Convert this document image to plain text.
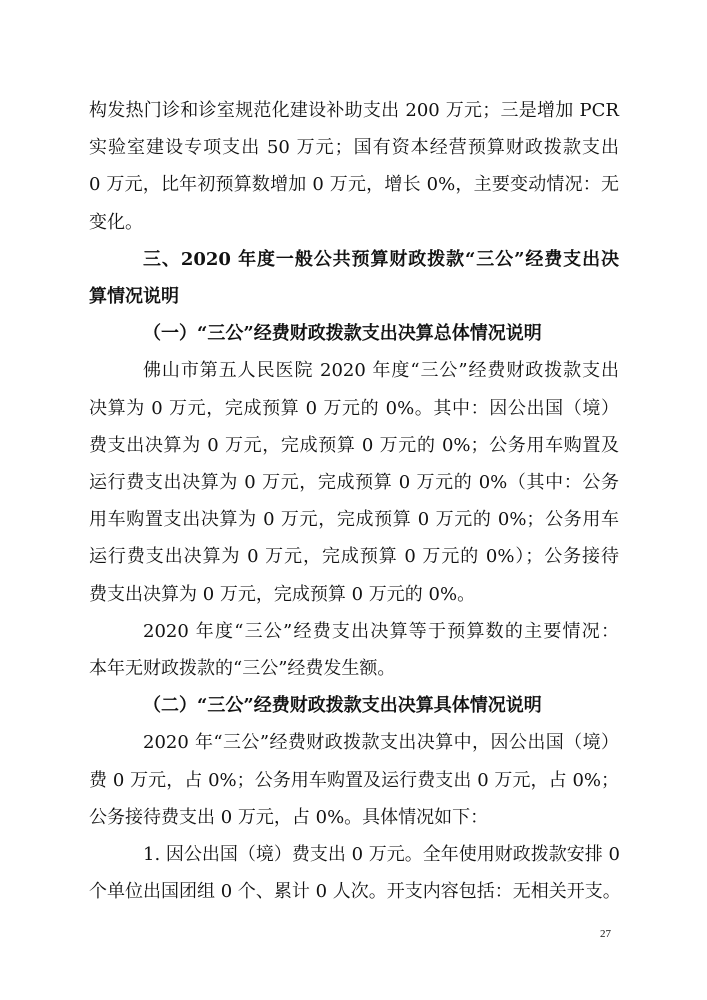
构发热门诊和诊室规范化建设补助支出 200 万元；三是增加 PCR
实验室建设专项支出 50 万元；国有资本经营预算财政拨款支出
0 万元，比年初预算数增加 0 万元，增长 0%，主要变动情况：无
变化。
三、2020 年度一般公共预算财政拨款“三公”经费支出决
算情况说明
（一）“三公”经费财政拨款支出决算总体情况说明
佛山市第五人民医院 2020 年度“三公”经费财政拨款支出
决算为 0 万元，完成预算 0 万元的 0%。其中：因公出国（境）
费支出决算为 0 万元，完成预算 0 万元的 0%；公务用车购置及
运行费支出决算为 0 万元，完成预算 0 万元的 0%（其中：公务
用车购置支出决算为 0 万元，完成预算 0 万元的 0%；公务用车
运行费支出决算为 0 万元，完成预算 0 万元的 0%）；公务接待
费支出决算为 0 万元，完成预算 0 万元的 0%。
2020 年度“三公”经费支出决算等于预算数的主要情况：
本年无财政拨款的“三公”经费发生额。
（二）“三公”经费财政拨款支出决算具体情况说明
2020 年“三公”经费财政拨款支出决算中，因公出国（境）
费 0 万元，占 0%；公务用车购置及运行费支出 0 万元，占 0%；
公务接待费支出 0 万元，占 0%。具体情况如下：
1. 因公出国（境）费支出 0 万元。全年使用财政拨款安排 0
个单位出国团组 0 个、累计 0 人次。开支内容包括：无相关开支。
27
